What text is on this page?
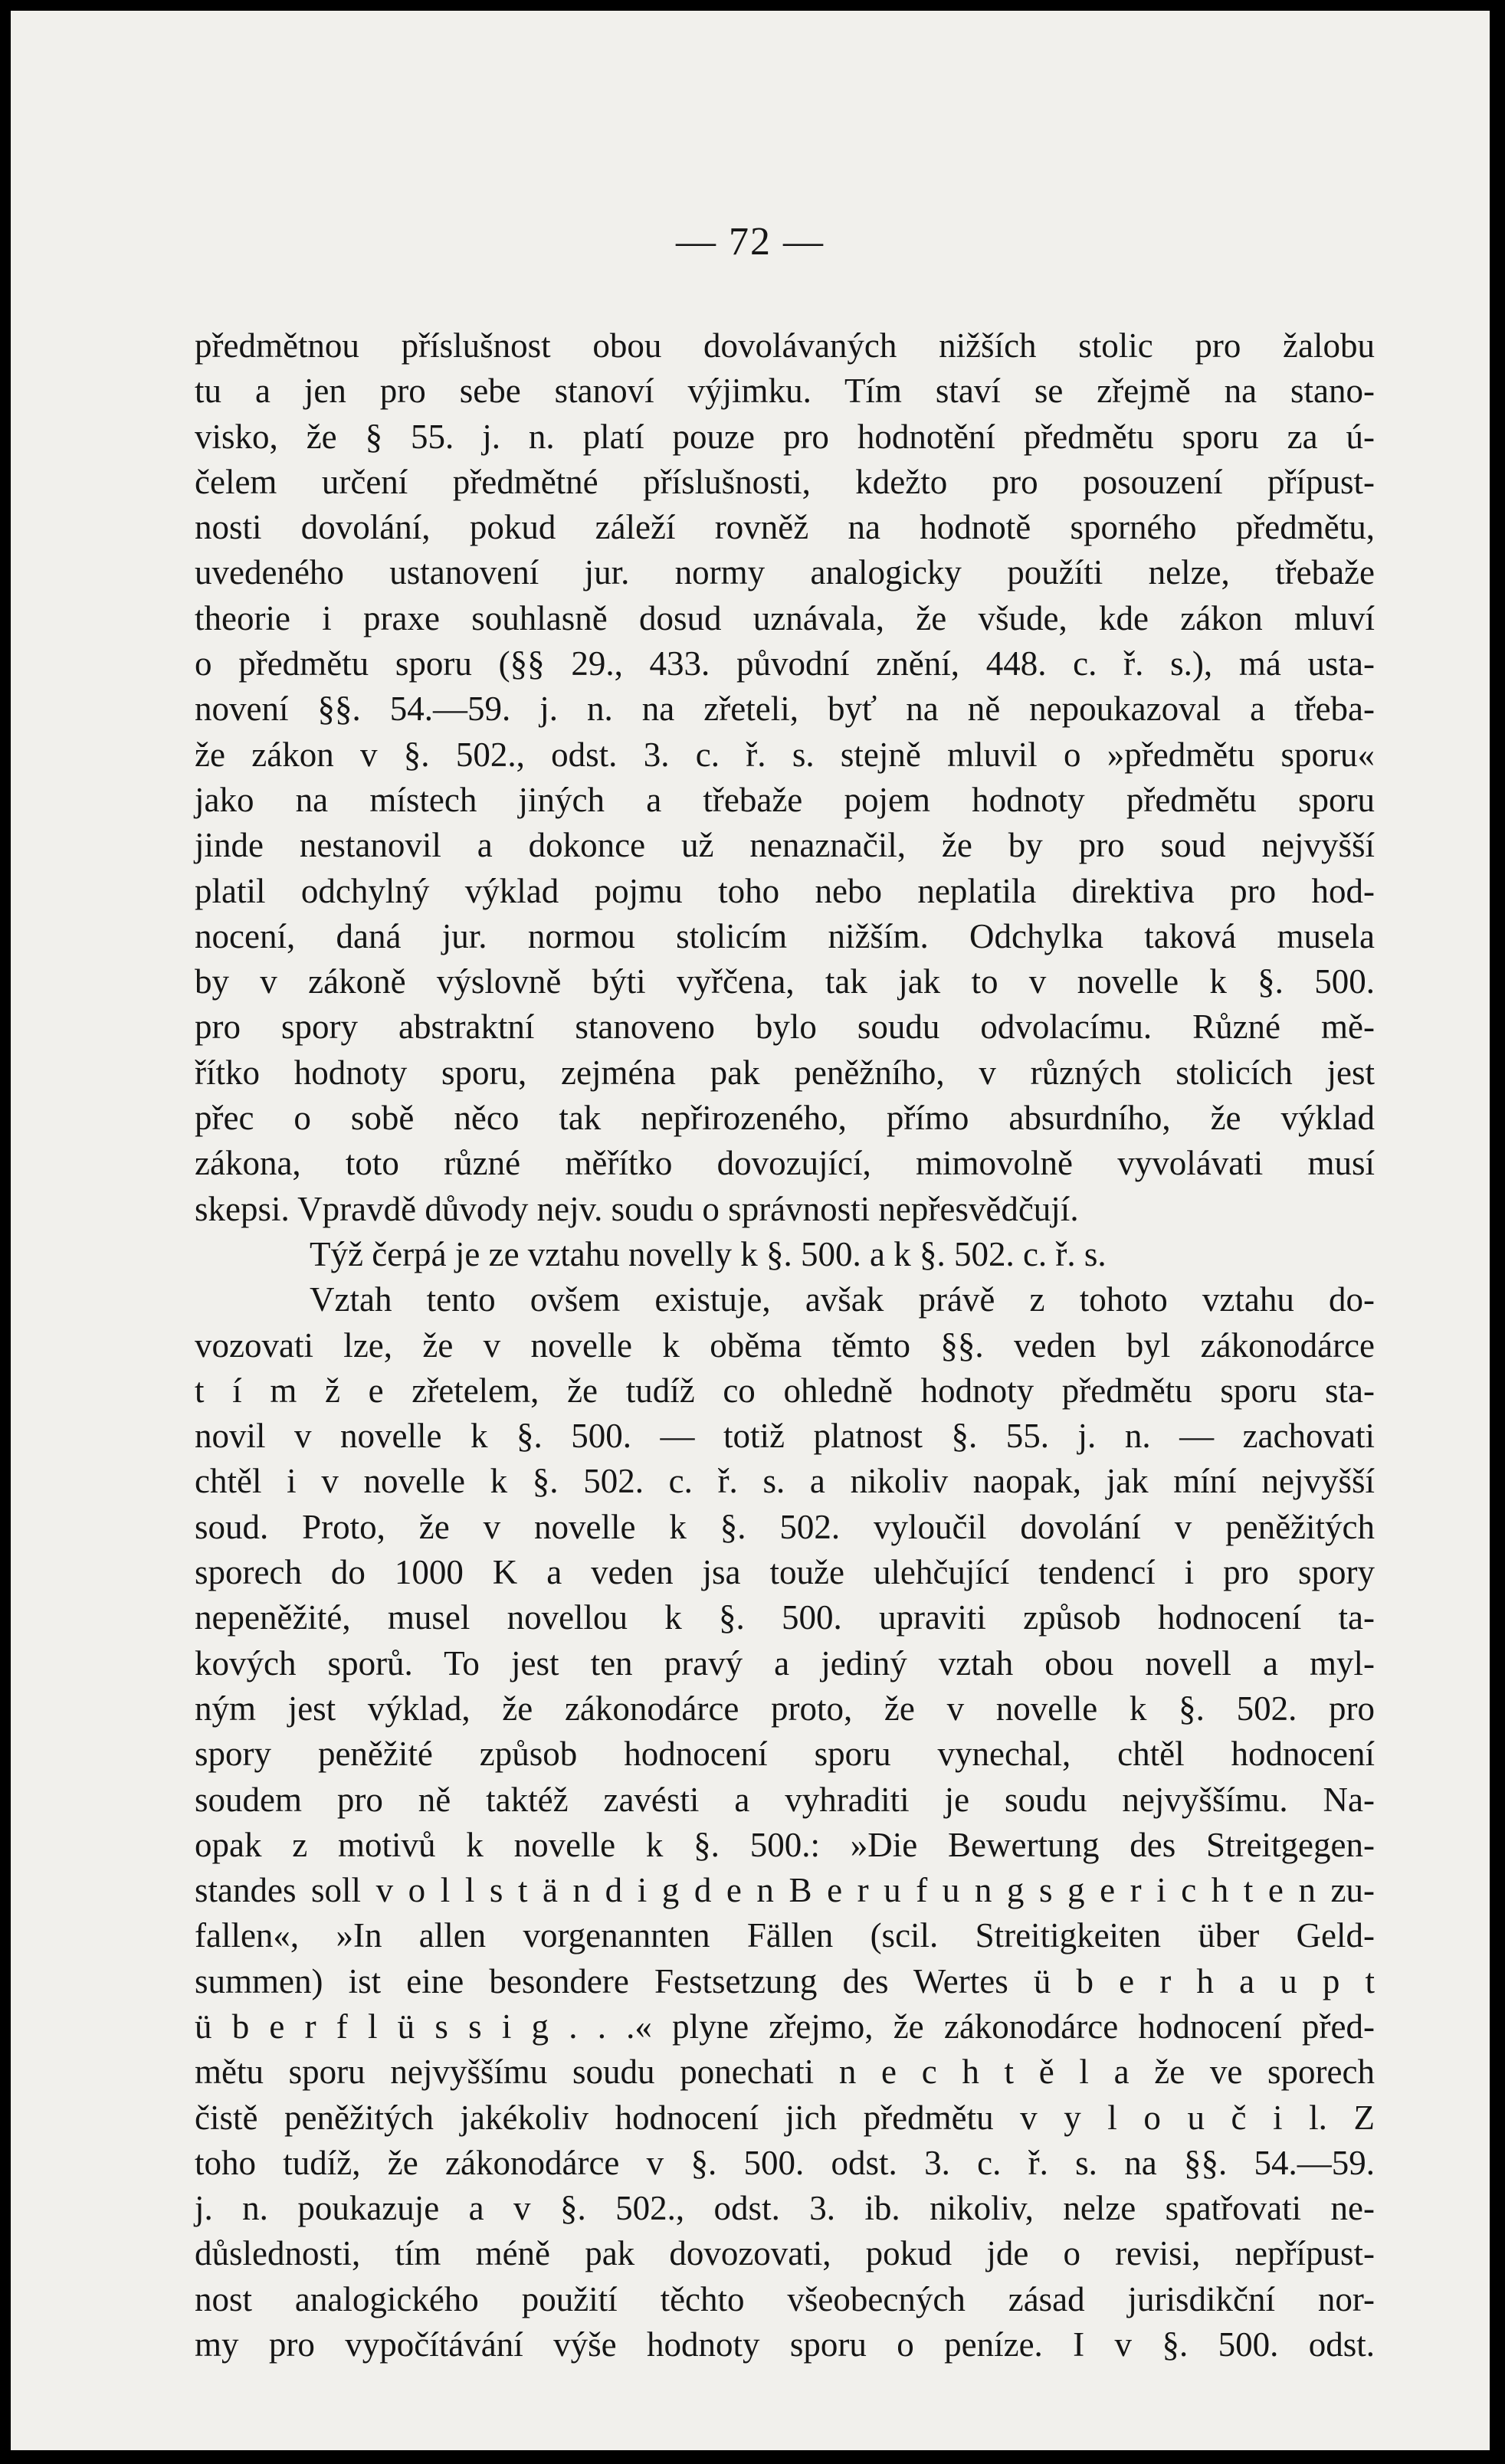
— 72 —
předmětnou příslušnost obou dovolávaných nižších stolic pro žalobu
tu a jen pro sebe stanoví výjimku. Tím staví se zřejmě na stano-
visko, že § 55. j. n. platí pouze pro hodnotění předmětu sporu za ú-
čelem určení předmětné příslušnosti, kdežto pro posouzení přípust-
nosti dovolání, pokud záleží rovněž na hodnotě sporného předmětu,
uvedeného ustanovení jur. normy analogicky použíti nelze, třebaže
theorie i praxe souhlasně dosud uznávala, že všude, kde zákon mluví
o předmětu sporu (§§ 29., 433. původní znění, 448. c. ř. s.), má usta-
novení §§. 54.—59. j. n. na zřeteli, byť na ně nepoukazoval a třeba-
že zákon v §. 502., odst. 3. c. ř. s. stejně mluvil o »předmětu sporu«
jako na místech jiných a třebaže pojem hodnoty předmětu sporu
jinde nestanovil a dokonce už nenaznačil, že by pro soud nejvyšší
platil odchylný výklad pojmu toho nebo neplatila direktiva pro hod-
nocení, daná jur. normou stolicím nižším. Odchylka taková musela
by v zákoně výslovně býti vyřčena, tak jak to v novelle k §. 500.
pro spory abstraktní stanoveno bylo soudu odvolacímu. Různé mě-
řítko hodnoty sporu, zejména pak peněžního, v různých stolicích jest
přec o sobě něco tak nepřirozeného, přímo absurdního, že výklad
zákona, toto různé měřítko dovozující, mimovolně vyvolávati musí
skepsi. Vpravdě důvody nejv. soudu o správnosti nepřesvědčují.
Týž čerpá je ze vztahu novelly k §. 500. a k §. 502. c. ř. s.
Vztah tento ovšem existuje, avšak právě z tohoto vztahu do-
vozovati lze, že v novelle k oběma těmto §§. veden byl zákonodárce
t í m ž e zřetelem, že tudíž co ohledně hodnoty předmětu sporu sta-
novil v novelle k §. 500. — totiž platnost §. 55. j. n. — zachovati
chtěl i v novelle k §. 502. c. ř. s. a nikoliv naopak, jak míní nejvyšší
soud. Proto, že v novelle k §. 502. vyloučil dovolání v peněžitých
sporech do 1000 K a veden jsa touže ulehčující tendencí i pro spory
nepeněžité, musel novellou k §. 500. upraviti způsob hodnocení ta-
kových sporů. To jest ten pravý a jediný vztah obou novell a myl-
ným jest výklad, že zákonodárce proto, že v novelle k §. 502. pro
spory peněžité způsob hodnocení sporu vynechal, chtěl hodnocení
soudem pro ně taktéž zavésti a vyhraditi je soudu nejvyššímu. Na-
opak z motivů k novelle k §. 500.: »Die Bewertung des Streitgegen-
standes soll v o l l s t ä n d i g d e n B e r u f u n g s g e r i c h t e n zu-
fallen«, »In allen vorgenannten Fällen (scil. Streitigkeiten über Geld-
summen) ist eine besondere Festsetzung des Wertes ü b e r h a u p t
ü b e r f l ü s s i g . . .« plyne zřejmo, že zákonodárce hodnocení před-
mětu sporu nejvyššímu soudu ponechati n e c h t ě l a že ve sporech
čistě peněžitých jakékoliv hodnocení jich předmětu v y l o u č i l. Z
toho tudíž, že zákonodárce v §. 500. odst. 3. c. ř. s. na §§. 54.—59.
j. n. poukazuje a v §. 502., odst. 3. ib. nikoliv, nelze spatřovati ne-
důslednosti, tím méně pak dovozovati, pokud jde o revisi, nepřípust-
nost analogického použití těchto všeobecných zásad jurisdikční nor-
my pro vypočítávání výše hodnoty sporu o peníze. I v §. 500. odst.
